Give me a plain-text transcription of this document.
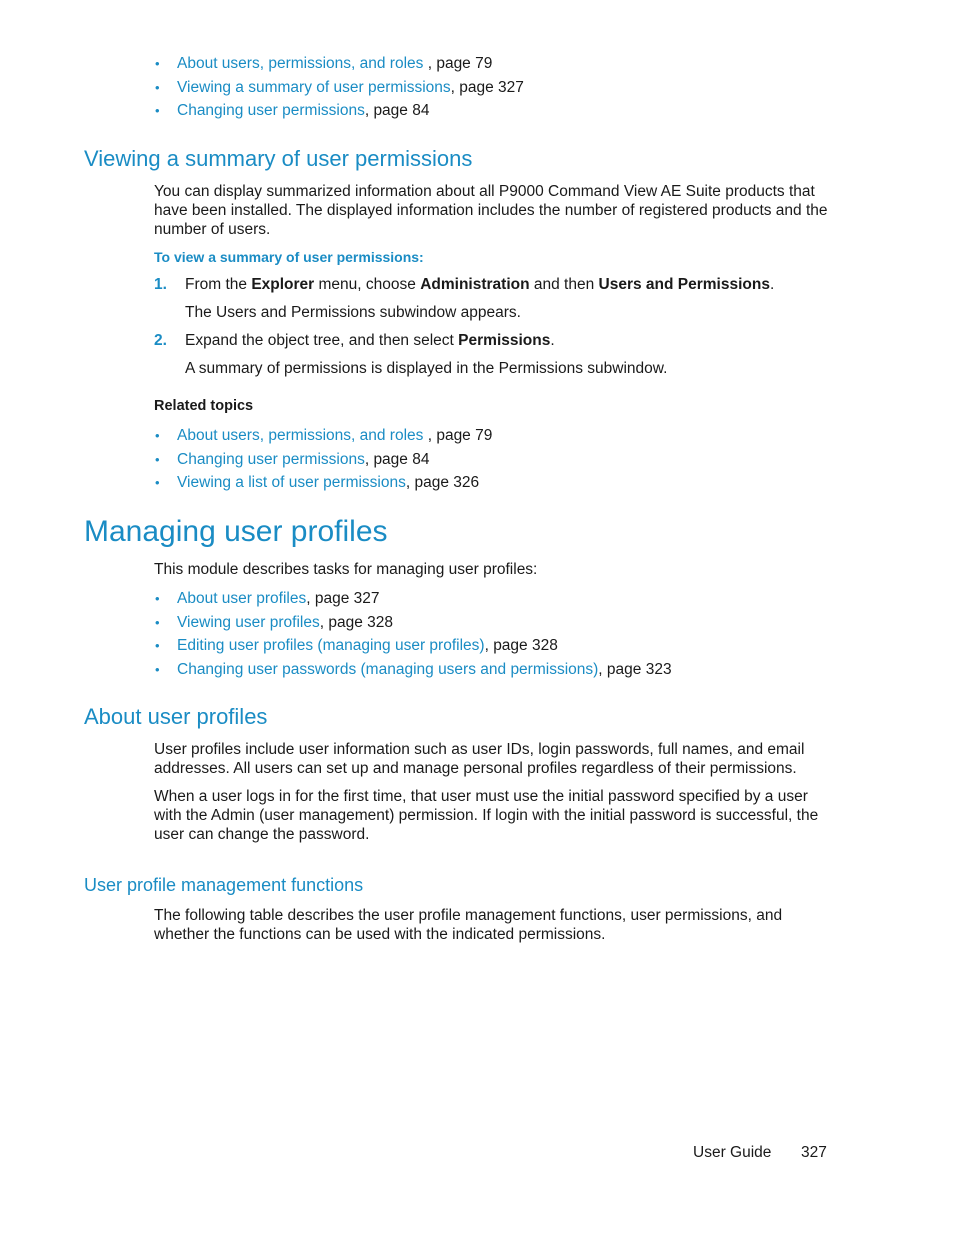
• About users, permissions, and roles , page 79
• Viewing a summary of user permissions, page 327
• Changing user permissions, page 84
Viewing a summary of user permissions

You can display summarized information about all P9000 Command View AE Suite products that have been installed. The displayed information includes the number of registered products and the number of users.

To view a summary of user permissions:

1. From the Explorer menu, choose Administration and then Users and Permissions.
The Users and Permissions subwindow appears.
2. Expand the object tree, and then select Permissions.
A summary of permissions is displayed in the Permissions subwindow.

Related topics

• About users, permissions, and roles , page 79
• Changing user permissions, page 84
• Viewing a list of user permissions, page 326
Managing user profiles

This module describes tasks for managing user profiles:

• About user profiles, page 327
• Viewing user profiles, page 328
• Editing user profiles (managing user profiles), page 328
• Changing user passwords (managing users and permissions), page 323
About user profiles

User profiles include user information such as user IDs, login passwords, full names, and email addresses. All users can set up and manage personal profiles regardless of their permissions.

When a user logs in for the first time, that user must use the initial password specified by a user with the Admin (user management) permission. If login with the initial password is successful, the user can change the password.

User profile management functions

The following table describes the user profile management functions, user permissions, and whether the functions can be used with the indicated permissions.

User Guide 327
